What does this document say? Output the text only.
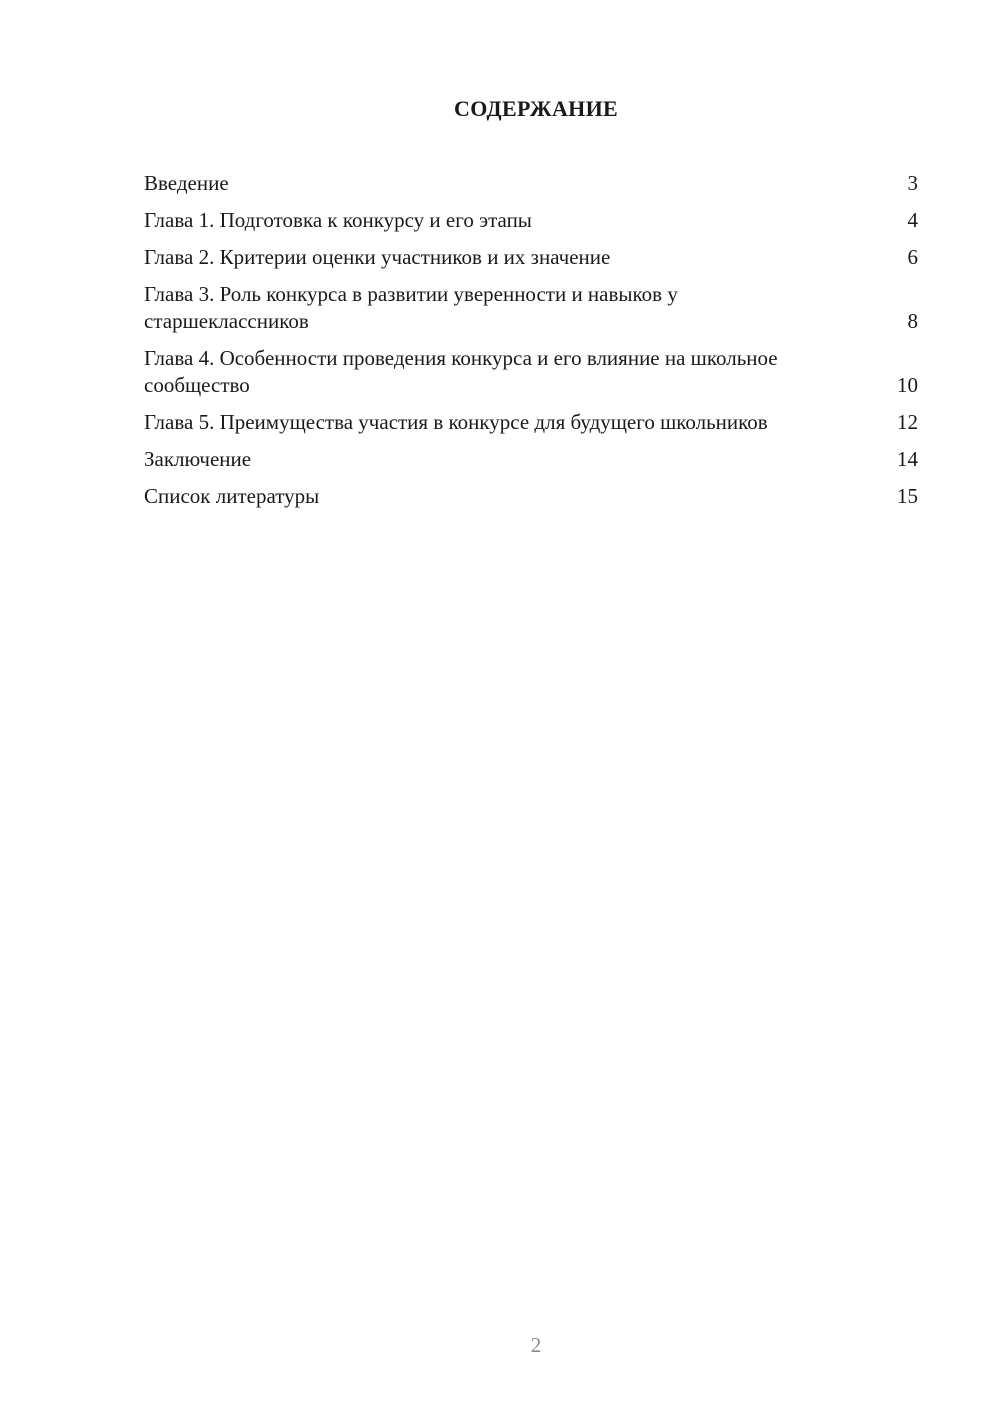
СОДЕРЖАНИЕ
Введение	3
Глава 1. Подготовка к конкурсу и его этапы	4
Глава 2. Критерии оценки участников и их значение	6
Глава 3. Роль конкурса в развитии уверенности и навыков у старшеклассников	8
Глава 4. Особенности проведения конкурса и его влияние на школьное сообщество	10
Глава 5. Преимущества участия в конкурсе для будущего школьников	12
Заключение	14
Список литературы	15
2
